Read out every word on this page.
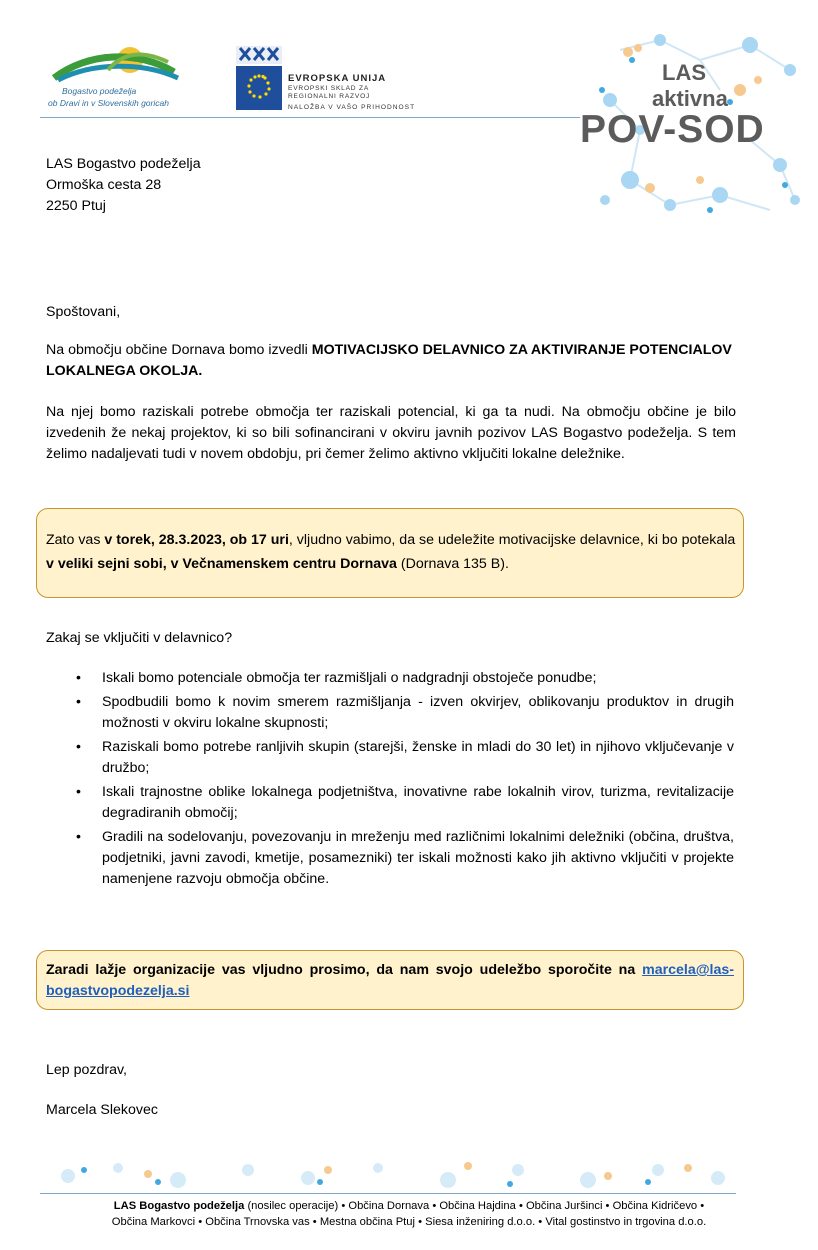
Bogastvo podeželja
ob Dravi in v Slovenskih goricah
EVROPSKA UNIJA
EVROPSKI SKLAD ZA
REGIONALNI RAZVOJ
NALOŽBA V VAŠO PRIHODNOST
LAS
aktivna
POV-SOD
LAS Bogastvo podeželja
Ormoška cesta 28
2250 Ptuj
Spoštovani,
Na območju občine Dornava bomo izvedli MOTIVACIJSKO DELAVNICO ZA AKTIVIRANJE POTENCIALOV LOKALNEGA OKOLJA.
Na njej bomo raziskali potrebe območja ter raziskali potencial, ki ga ta nudi. Na območju občine je bilo izvedenih že nekaj projektov, ki so bili sofinancirani v okviru javnih pozivov LAS Bogastvo podeželja. S tem želimo nadaljevati tudi v novem obdobju, pri čemer želimo aktivno vključiti lokalne deležnike.
Zato vas v torek, 28.3.2023, ob 17 uri, vljudno vabimo, da se udeležite motivacijske delavnice, ki bo potekala v veliki sejni sobi, v Večnamenskem centru Dornava (Dornava 135 B).
Zakaj se vključiti v delavnico?
• Iskali bomo potenciale območja ter razmišljali o nadgradnji obstoječe ponudbe;
• Spodbudili bomo k novim smerem razmišljanja - izven okvirjev, oblikovanju produktov in drugih možnosti v okviru lokalne skupnosti;
• Raziskali bomo potrebe ranljivih skupin (starejši, ženske in mladi do 30 let) in njihovo vključevanje v družbo;
• Iskali trajnostne oblike lokalnega podjetništva, inovativne rabe lokalnih virov, turizma, revitalizacije degradiranih območij;
• Gradili na sodelovanju, povezovanju in mreženju med različnimi lokalnimi deležniki (občina, društva, podjetniki, javni zavodi, kmetije, posamezniki) ter iskali možnosti kako jih aktivno vključiti v projekte namenjene razvoju območja občine.
Zaradi lažje organizacije vas vljudno prosimo, da nam svojo udeležbo sporočite na marcela@las-bogastvopodezelja.si
Lep pozdrav,
Marcela Slekovec
LAS Bogastvo podeželja (nosilec operacije) • Občina Dornava • Občina Hajdina • Občina Juršinci • Občina Kidričevo •
Občina Markovci • Občina Trnovska vas • Mestna občina Ptuj • Siesa inženiring d.o.o. • Vital gostinstvo in trgovina d.o.o.
